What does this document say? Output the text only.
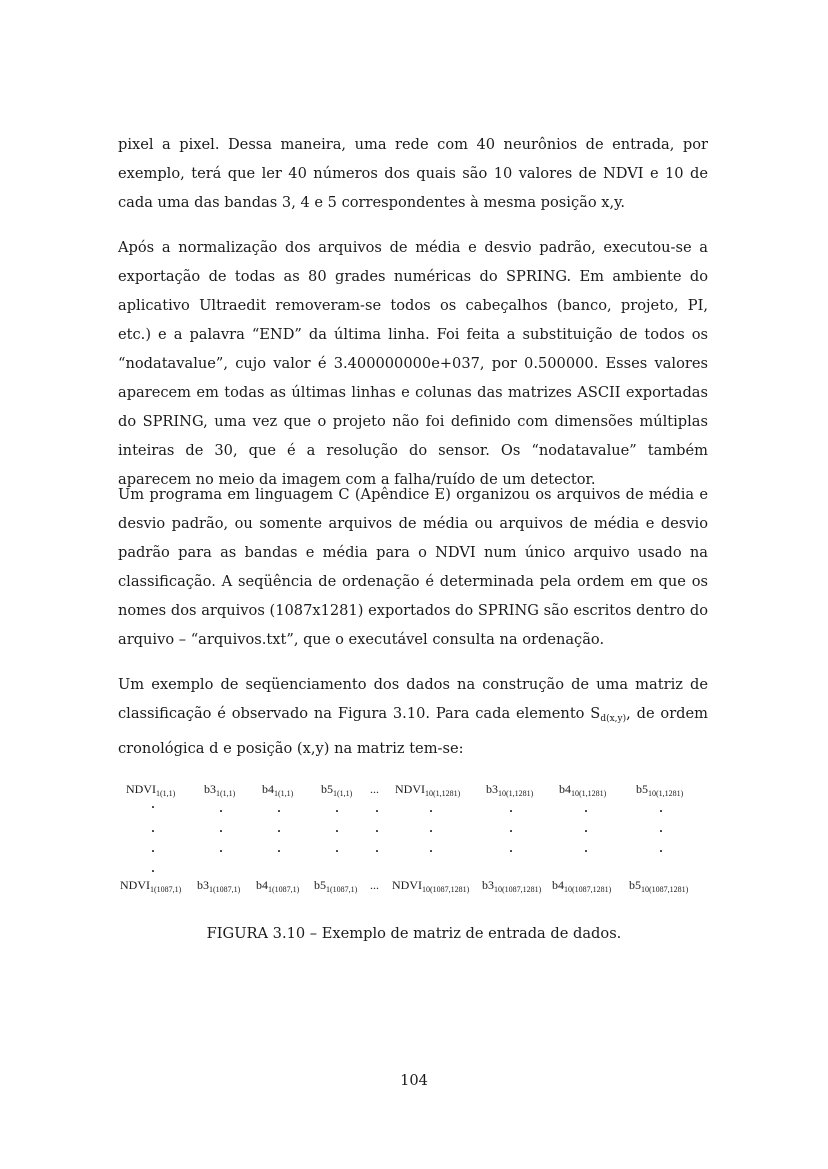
pixel a pixel. Dessa maneira, uma rede com 40 neurônios de entrada, por exemplo, terá que ler 40 números dos quais são 10 valores de NDVI e 10 de cada uma das bandas 3, 4 e 5 correspondentes à mesma posição x,y.

Após a normalização dos arquivos de média e desvio padrão, executou-se a exportação de todas as 80 grades numéricas do SPRING. Em ambiente do aplicativo Ultraedit removeram-se todos os cabeçalhos (banco, projeto, PI, etc.) e a palavra “END” da última linha. Foi feita a substituição de todos os “nodatavalue”, cujo valor é 3.400000000e+037, por 0.500000. Esses valores aparecem em todas as últimas linhas e colunas das matrizes ASCII exportadas do SPRING, uma vez que o projeto não foi definido com dimensões múltiplas inteiras de 30, que é a resolução do sensor. Os “nodatavalue” também aparecem no meio da imagem com a falha/ruído de um detector.

Um programa em linguagem C (Apêndice E) organizou os arquivos de média e desvio padrão, ou somente arquivos de média ou arquivos de média e desvio padrão para as bandas e média para o NDVI num único arquivo usado na classificação. A seqüência de ordenação é determinada pela ordem em que os nomes dos arquivos (1087x1281) exportados do SPRING são escritos dentro do arquivo – “arquivos.txt”, que o executável consulta na ordenação.

Um exemplo de seqüenciamento dos dados na construção de uma matriz de classificação é observado na Figura 3.10. Para cada elemento $S_{d(x,y)}$, de ordem cronológica d e posição (x,y) na matriz tem-se:

$NDVI_{1(1,1)}$ $b3_{1(1,1)}$ $b4_{1(1,1)}$ $b5_{1(1,1)}$ ... $NDVI_{10(1,1281)}$ $b3_{10(1,1281)}$ $b4_{10(1,1281)}$ $b5_{10(1,1281)}$
$NDVI_{1(1087,1)}$ $b3_{1(1087,1)}$ $b4_{1(1087,1)}$ $b5_{1(1087,1)}$ ... $NDVI_{10(1087,1281)}$ $b3_{10(1087,1281)}$ $b4_{10(1087,1281)}$ $b5_{10(1087,1281)}$

FIGURA 3.10 – Exemplo de matriz de entrada de dados.

104
